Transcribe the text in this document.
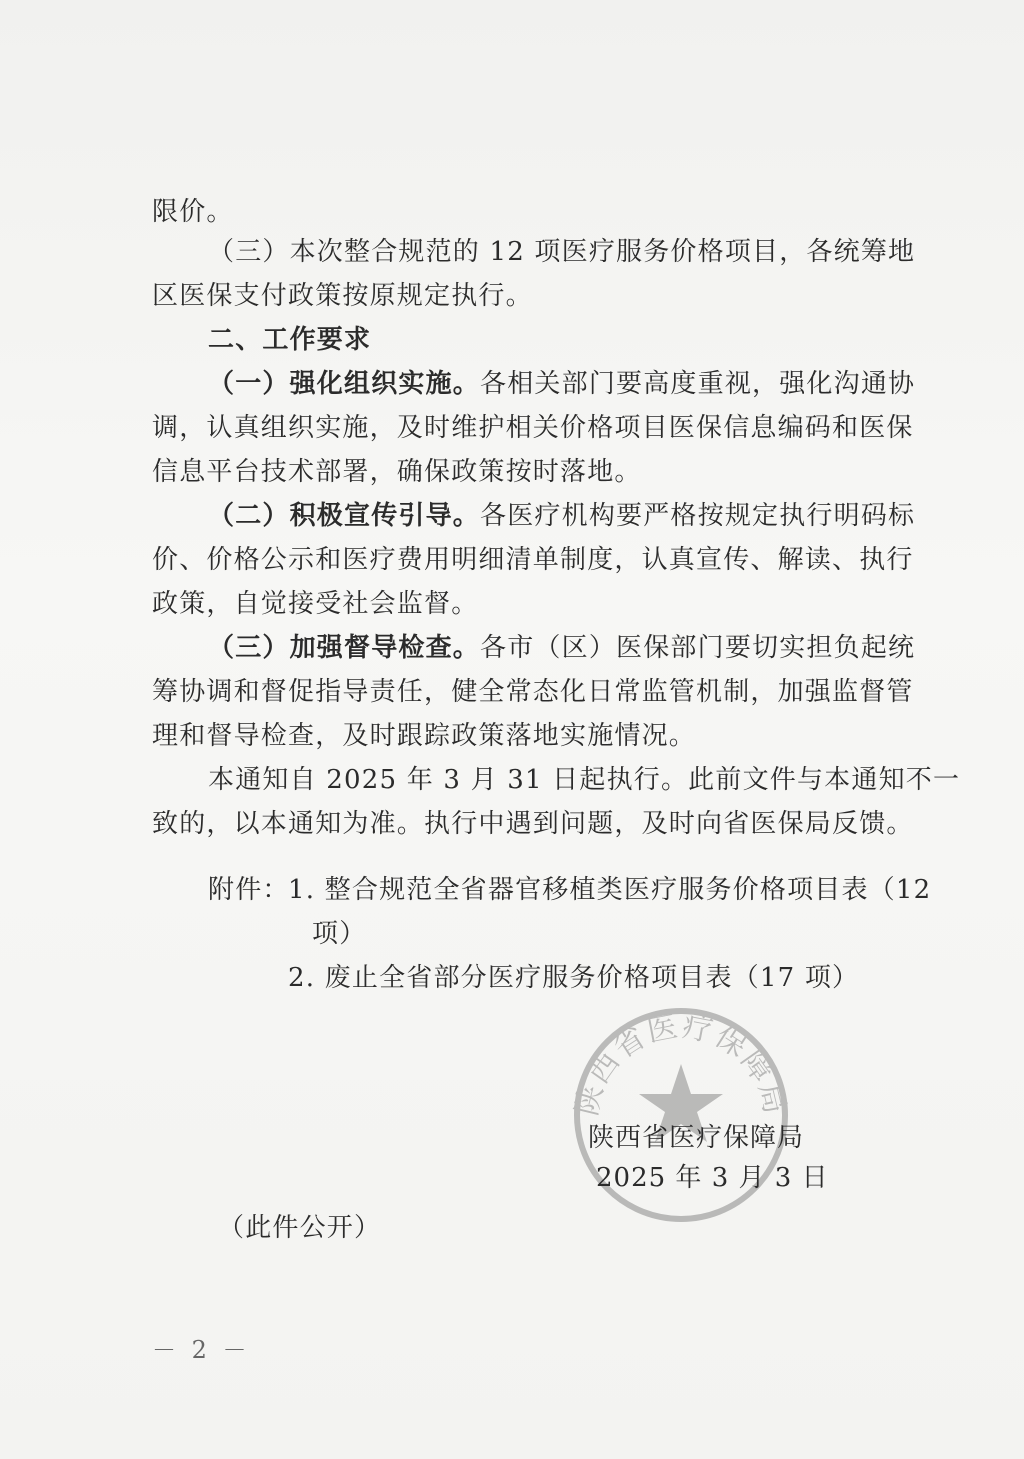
限价。
（三）本次整合规范的 12 项医疗服务价格项目，各统筹地
区医保支付政策按原规定执行。
二、工作要求
（一）强化组织实施。各相关部门要高度重视，强化沟通协
调，认真组织实施，及时维护相关价格项目医保信息编码和医保
信息平台技术部署，确保政策按时落地。
（二）积极宣传引导。各医疗机构要严格按规定执行明码标
价、价格公示和医疗费用明细清单制度，认真宣传、解读、执行
政策，自觉接受社会监督。
（三）加强督导检查。各市（区）医保部门要切实担负起统
筹协调和督促指导责任，健全常态化日常监管机制，加强监督管
理和督导检查，及时跟踪政策落地实施情况。
本通知自 2025 年 3 月 31 日起执行。此前文件与本通知不一
致的，以本通知为准。执行中遇到问题，及时向省医保局反馈。
附件：
1. 整合规范全省器官移植类医疗服务价格项目表（12
项）
2. 废止全省部分医疗服务价格项目表（17 项）
陕西省医疗保障局
陕西省医疗保障局
2025 年 3 月 3 日
（此件公开）
－ 2 －
